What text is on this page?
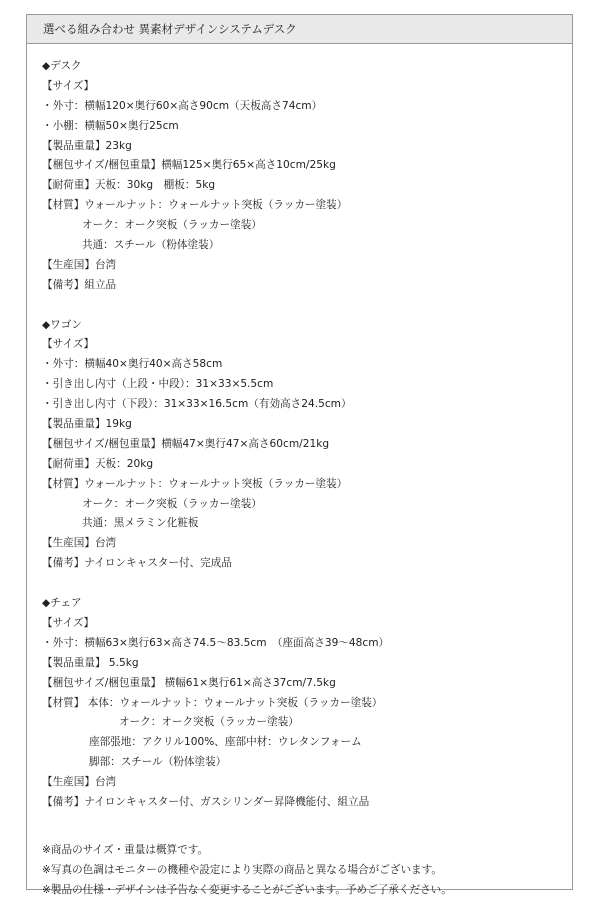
選べる組み合わせ 異素材デザインシステムデスク
◆デスク
【サイズ】
・外寸：横幅120×奥行60×高さ90cm（天板高さ74cm）
・小棚：横幅50×奥行25cm
【製品重量】23kg
【梱包サイズ/梱包重量】横幅125×奥行65×高さ10cm/25kg
【耐荷重】天板：30kg　棚板：5kg
【材質】ウォールナット：ウォールナット突板（ラッカー塗装）
オーク：オーク突板（ラッカー塗装）
共通：スチール（粉体塗装）
【生産国】台湾
【備考】組立品
◆ワゴン
【サイズ】
・外寸：横幅40×奥行40×高さ58cm
・引き出し内寸（上段・中段）：31×33×5.5cm
・引き出し内寸（下段）：31×33×16.5cm（有効高さ24.5cm）
【製品重量】19kg
【梱包サイズ/梱包重量】横幅47×奥行47×高さ60cm/21kg
【耐荷重】天板：20kg
【材質】ウォールナット：ウォールナット突板（ラッカー塗装）
オーク：オーク突板（ラッカー塗装）
共通：黒メラミン化粧板
【生産国】台湾
【備考】ナイロンキャスター付、完成品
◆チェア
【サイズ】
・外寸：横幅63×奥行63×高さ74.5～83.5cm　（座面高さ39～48cm）
【製品重量】 5.5kg
【梱包サイズ/梱包重量】 横幅61×奥行61×高さ37cm/7.5kg
【材質】 本体：ウォールナット：ウォールナット突板（ラッカー塗装）
オーク：オーク突板（ラッカー塗装）
座部張地：アクリル100%、座部中材：ウレタンフォーム
脚部：スチール（粉体塗装）
【生産国】台湾
【備考】ナイロンキャスター付、ガスシリンダー昇降機能付、組立品
※商品のサイズ・重量は概算です。
※写真の色調はモニターの機種や設定により実際の商品と異なる場合がございます。
※製品の仕様・デザインは予告なく変更することがございます。予めご了承ください。
